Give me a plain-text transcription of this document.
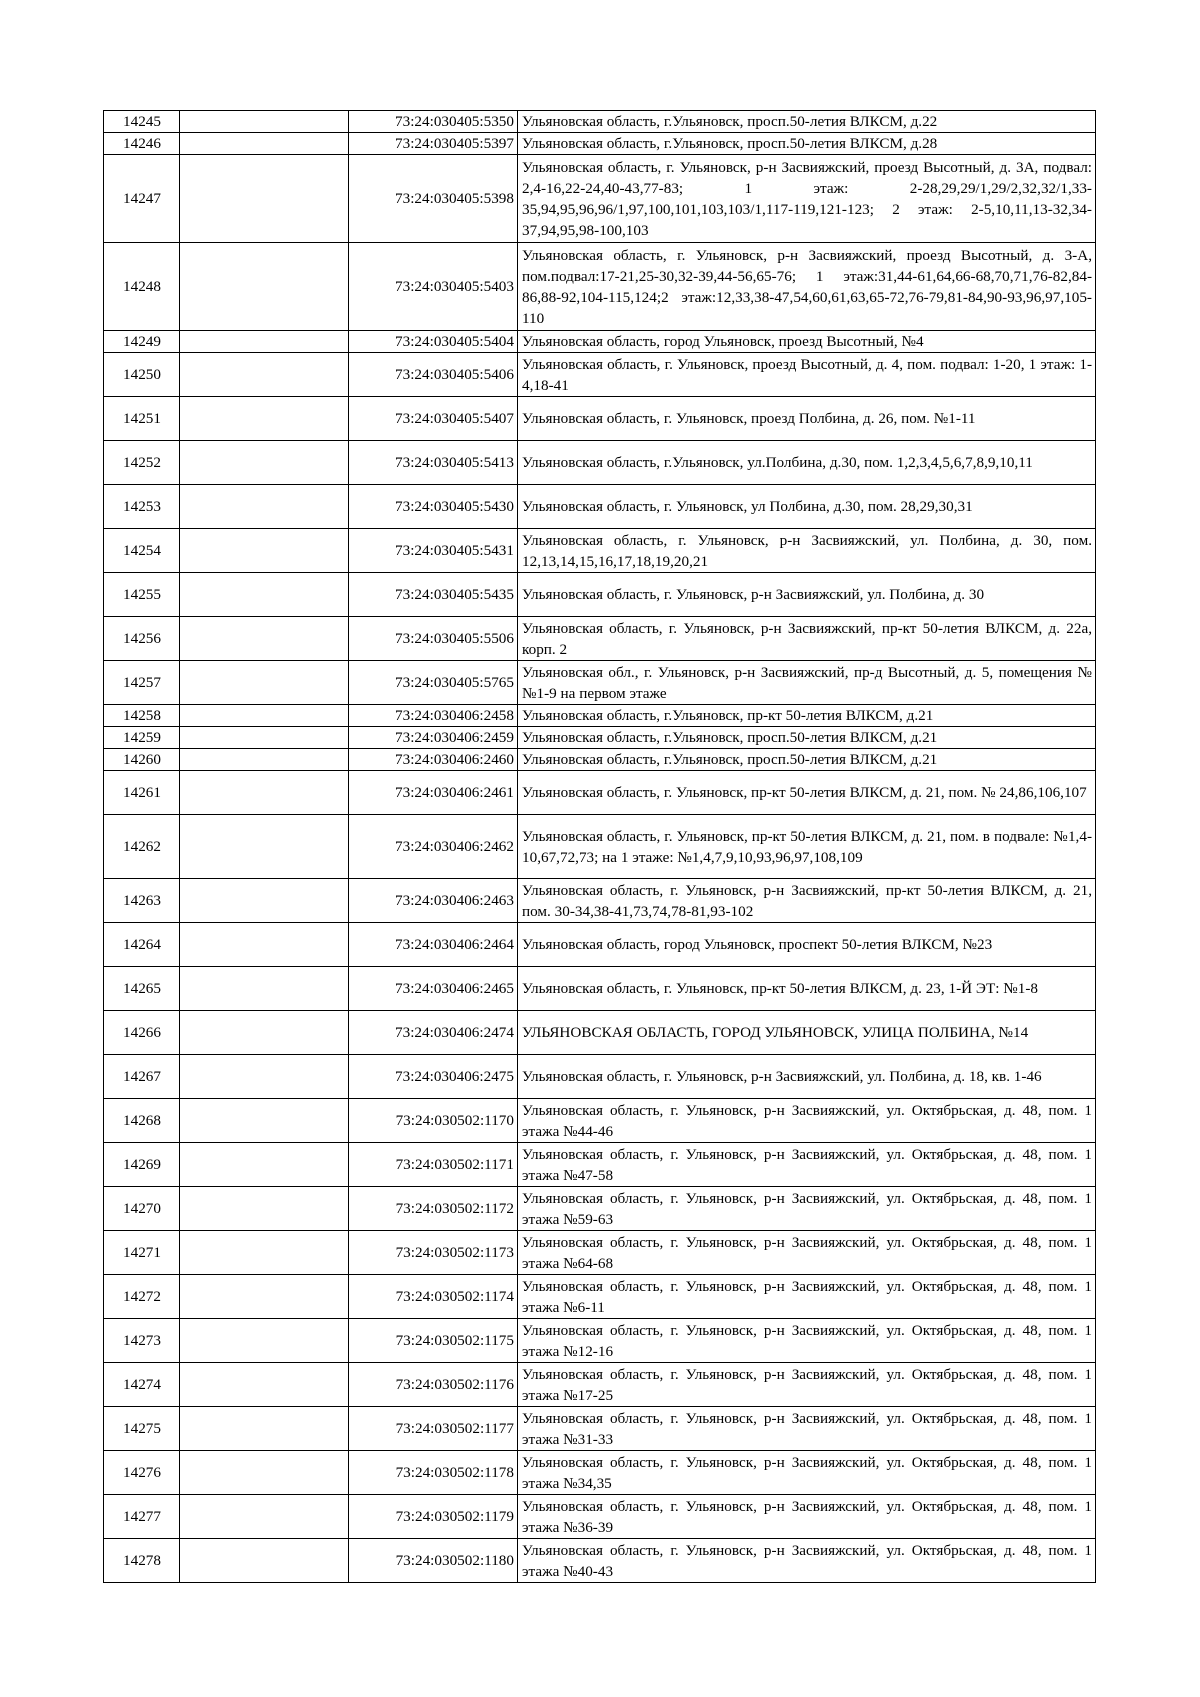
14245		73:24:030405:5350	Ульяновская область, г.Ульяновск, просп.50-летия ВЛКСМ, д.22
14246		73:24:030405:5397	Ульяновская область, г.Ульяновск, просп.50-летия ВЛКСМ, д.28
14247		73:24:030405:5398	Ульяновская область, г. Ульяновск, р-н Засвияжский, проезд Высотный, д. 3А, подвал: 2,4-16,22-24,40-43,77-83; 1 этаж: 2-28,29,29/1,29/2,32,32/1,33-35,94,95,96,96/1,97,100,101,103,103/1,117-119,121-123; 2 этаж: 2-5,10,11,13-32,34-37,94,95,98-100,103
14248		73:24:030405:5403	Ульяновская область, г. Ульяновск, р-н Засвияжский, проезд Высотный, д. 3-А, пом.подвал:17-21,25-30,32-39,44-56,65-76; 1 этаж:31,44-61,64,66-68,70,71,76-82,84-86,88-92,104-115,124;2 этаж:12,33,38-47,54,60,61,63,65-72,76-79,81-84,90-93,96,97,105-110
14249		73:24:030405:5404	Ульяновская область, город Ульяновск, проезд Высотный, №4
14250		73:24:030405:5406	Ульяновская область, г. Ульяновск, проезд Высотный, д. 4, пом. подвал: 1-20, 1 этаж: 1-4,18-41
14251		73:24:030405:5407	Ульяновская область, г. Ульяновск, проезд Полбина, д. 26, пом. №1-11
14252		73:24:030405:5413	Ульяновская область, г.Ульяновск, ул.Полбина, д.30, пом. 1,2,3,4,5,6,7,8,9,10,11
14253		73:24:030405:5430	Ульяновская область, г. Ульяновск, ул Полбина, д.30, пом. 28,29,30,31
14254		73:24:030405:5431	Ульяновская область, г. Ульяновск, р-н Засвияжский, ул. Полбина, д. 30, пом. 12,13,14,15,16,17,18,19,20,21
14255		73:24:030405:5435	Ульяновская область, г. Ульяновск, р-н Засвияжский, ул. Полбина, д. 30
14256		73:24:030405:5506	Ульяновская область, г. Ульяновск, р-н Засвияжский, пр-кт 50-летия ВЛКСМ, д. 22а, корп. 2
14257		73:24:030405:5765	Ульяновская обл., г. Ульяновск, р-н Засвияжский, пр-д Высотный, д. 5, помещения №№1-9 на первом этаже
14258		73:24:030406:2458	Ульяновская область, г.Ульяновск, пр-кт 50-летия ВЛКСМ, д.21
14259		73:24:030406:2459	Ульяновская область, г.Ульяновск, просп.50-летия ВЛКСМ, д.21
14260		73:24:030406:2460	Ульяновская область, г.Ульяновск, просп.50-летия ВЛКСМ, д.21
14261		73:24:030406:2461	Ульяновская область, г. Ульяновск, пр-кт 50-летия ВЛКСМ, д. 21, пом. № 24,86,106,107
14262		73:24:030406:2462	Ульяновская область, г. Ульяновск, пр-кт 50-летия ВЛКСМ, д. 21, пом. в подвале: №1,4-10,67,72,73; на 1 этаже: №1,4,7,9,10,93,96,97,108,109
14263		73:24:030406:2463	Ульяновская область, г. Ульяновск, р-н Засвияжский, пр-кт 50-летия ВЛКСМ, д. 21, пом. 30-34,38-41,73,74,78-81,93-102
14264		73:24:030406:2464	Ульяновская область, город Ульяновск, проспект 50-летия ВЛКСМ, №23
14265		73:24:030406:2465	Ульяновская область, г. Ульяновск, пр-кт 50-летия ВЛКСМ, д. 23, 1-Й ЭТ: №1-8
14266		73:24:030406:2474	УЛЬЯНОВСКАЯ ОБЛАСТЬ, ГОРОД УЛЬЯНОВСК, УЛИЦА ПОЛБИНА, №14
14267		73:24:030406:2475	Ульяновская область, г. Ульяновск, р-н Засвияжский, ул. Полбина, д. 18, кв. 1-46
14268		73:24:030502:1170	Ульяновская область, г. Ульяновск, р-н Засвияжский, ул. Октябрьская, д. 48, пом. 1 этажа №44-46
14269		73:24:030502:1171	Ульяновская область, г. Ульяновск, р-н Засвияжский, ул. Октябрьская, д. 48, пом. 1 этажа №47-58
14270		73:24:030502:1172	Ульяновская область, г. Ульяновск, р-н Засвияжский, ул. Октябрьская, д. 48, пом. 1 этажа №59-63
14271		73:24:030502:1173	Ульяновская область, г. Ульяновск, р-н Засвияжский, ул. Октябрьская, д. 48, пом. 1 этажа №64-68
14272		73:24:030502:1174	Ульяновская область, г. Ульяновск, р-н Засвияжский, ул. Октябрьская, д. 48, пом. 1 этажа №6-11
14273		73:24:030502:1175	Ульяновская область, г. Ульяновск, р-н Засвияжский, ул. Октябрьская, д. 48, пом. 1 этажа №12-16
14274		73:24:030502:1176	Ульяновская область, г. Ульяновск, р-н Засвияжский, ул. Октябрьская, д. 48, пом. 1 этажа №17-25
14275		73:24:030502:1177	Ульяновская область, г. Ульяновск, р-н Засвияжский, ул. Октябрьская, д. 48, пом. 1 этажа №31-33
14276		73:24:030502:1178	Ульяновская область, г. Ульяновск, р-н Засвияжский, ул. Октябрьская, д. 48, пом. 1 этажа №34,35
14277		73:24:030502:1179	Ульяновская область, г. Ульяновск, р-н Засвияжский, ул. Октябрьская, д. 48, пом. 1 этажа №36-39
14278		73:24:030502:1180	Ульяновская область, г. Ульяновск, р-н Засвияжский, ул. Октябрьская, д. 48, пом. 1 этажа №40-43
